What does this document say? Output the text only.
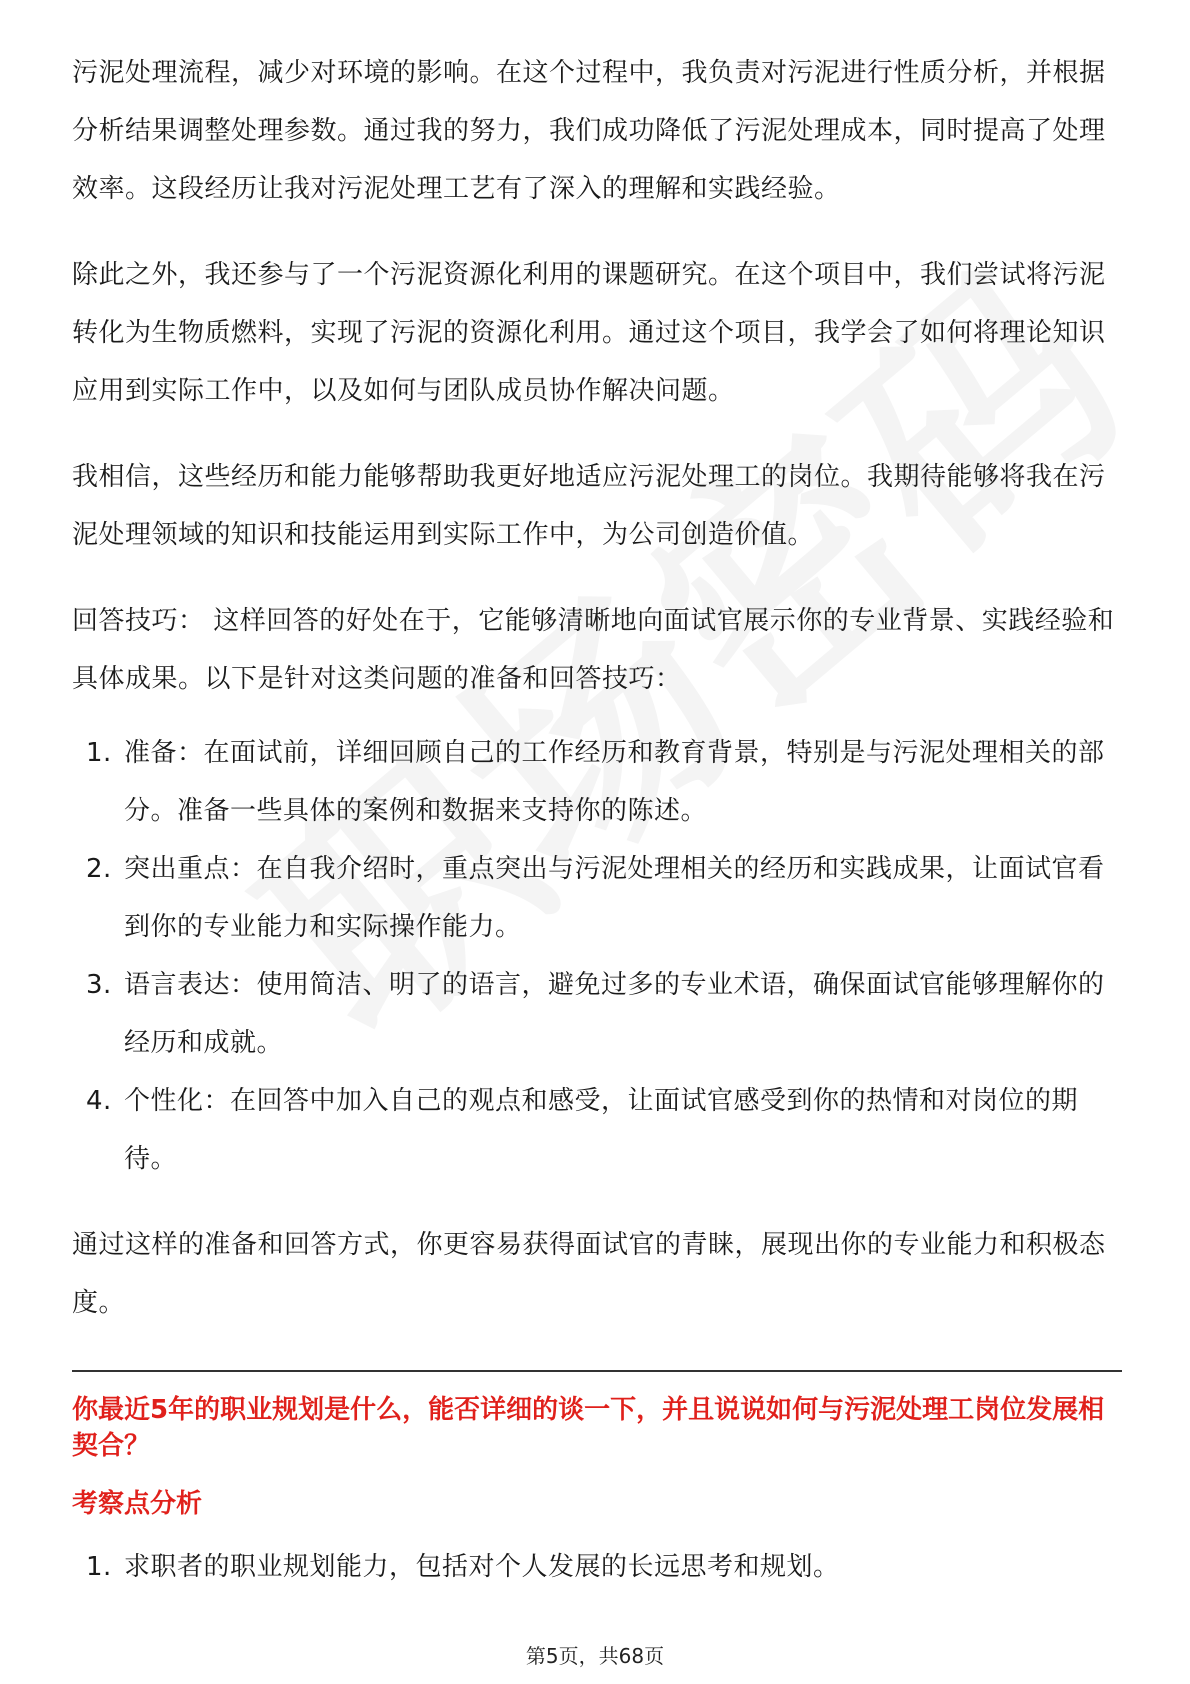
污泥处理流程，减少对环境的影响。在这个过程中，我负责对污泥进行性质分析，并根据分析结果调整处理参数。通过我的努力，我们成功降低了污泥处理成本，同时提高了处理效率。这段经历让我对污泥处理工艺有了深入的理解和实践经验。

除此之外，我还参与了一个污泥资源化利用的课题研究。在这个项目中，我们尝试将污泥转化为生物质燃料，实现了污泥的资源化利用。通过这个项目，我学会了如何将理论知识应用到实际工作中，以及如何与团队成员协作解决问题。

我相信，这些经历和能力能够帮助我更好地适应污泥处理工的岗位。我期待能够将我在污泥处理领域的知识和技能运用到实际工作中，为公司创造价值。

回答技巧： 这样回答的好处在于，它能够清晰地向面试官展示你的专业背景、实践经验和具体成果。以下是针对这类问题的准备和回答技巧：

1. 准备：在面试前，详细回顾自己的工作经历和教育背景，特别是与污泥处理相关的部分。准备一些具体的案例和数据来支持你的陈述。
2. 突出重点：在自我介绍时，重点突出与污泥处理相关的经历和实践成果，让面试官看到你的专业能力和实际操作能力。
3. 语言表达：使用简洁、明了的语言，避免过多的专业术语，确保面试官能够理解你的经历和成就。
4. 个性化：在回答中加入自己的观点和感受，让面试官感受到你的热情和对岗位的期待。

通过这样的准备和回答方式，你更容易获得面试官的青睐，展现出你的专业能力和积极态度。

你最近5年的职业规划是什么，能否详细的谈一下，并且说说如何与污泥处理工岗位发展相契合？
考察点分析
1. 求职者的职业规划能力，包括对个人发展的长远思考和规划。
第5页，共68页
